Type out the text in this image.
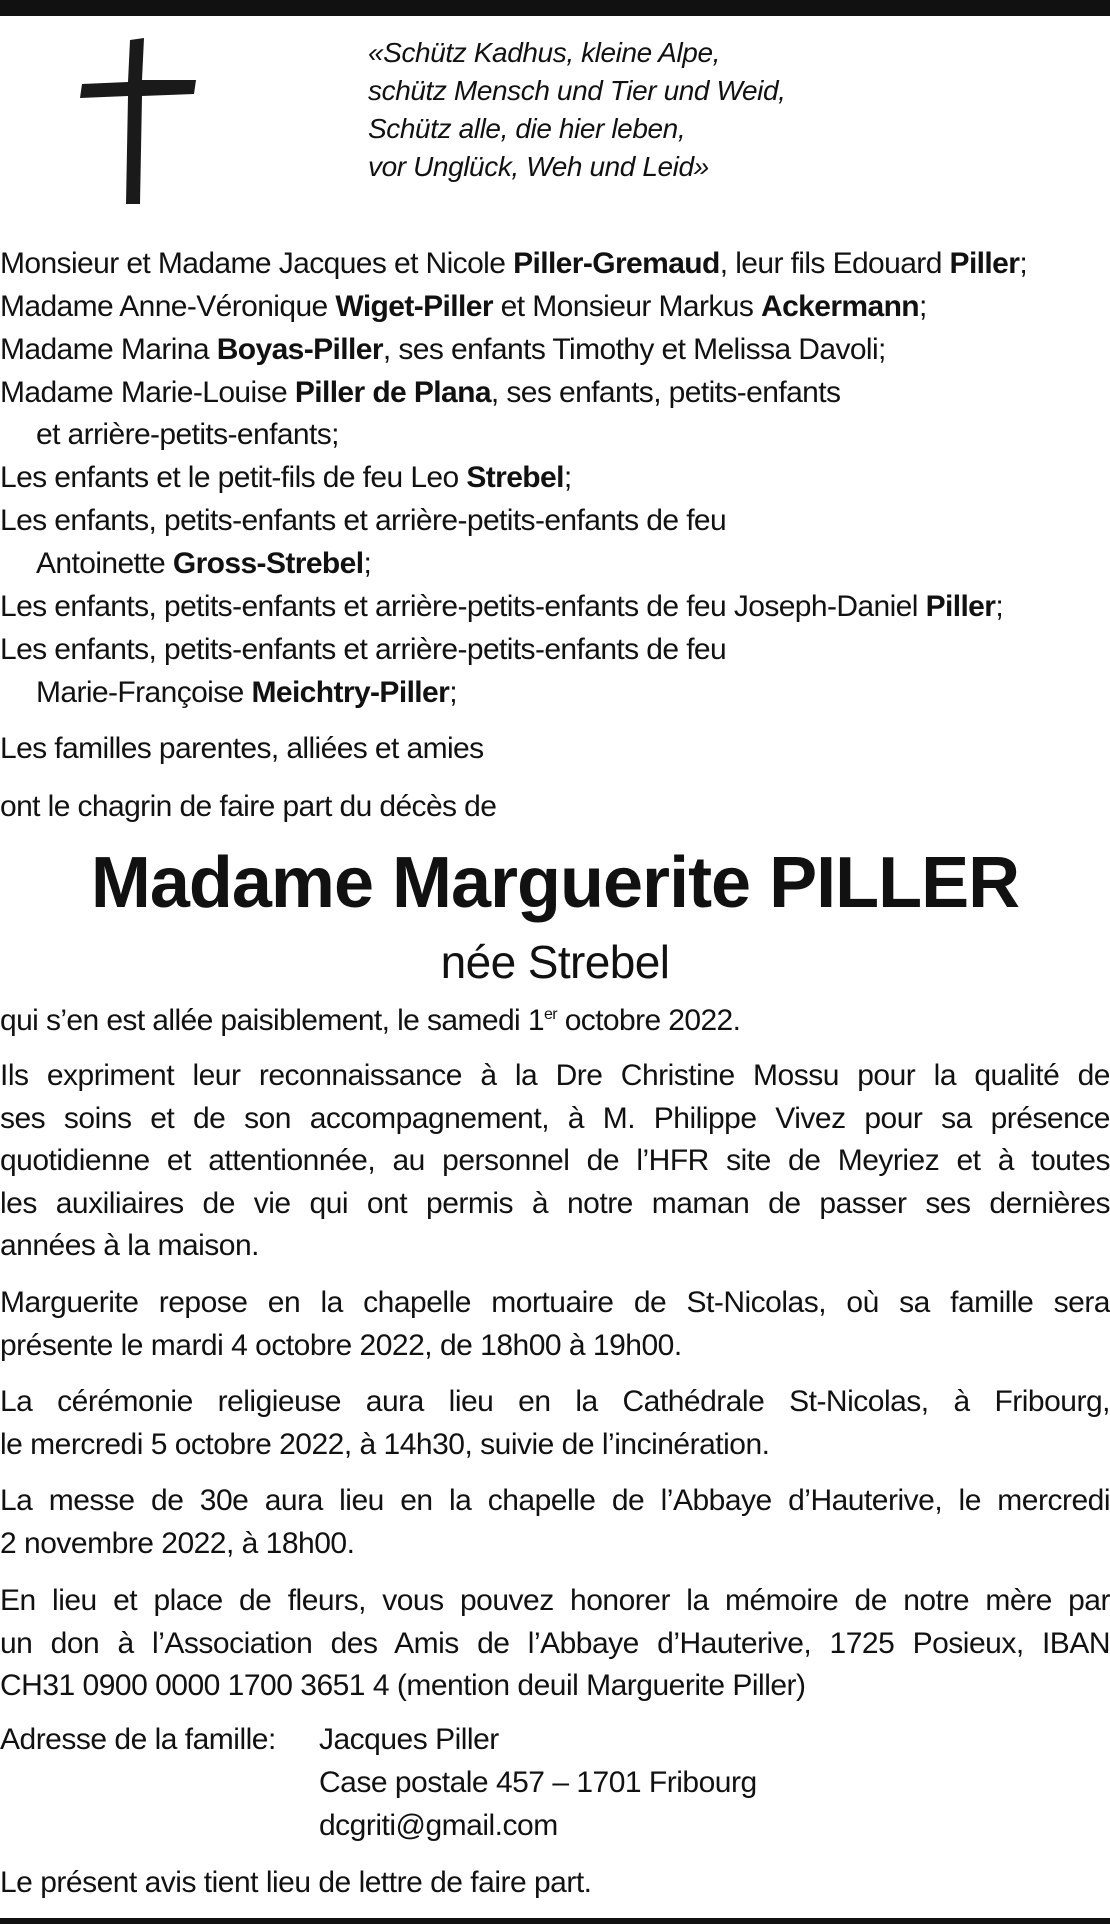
«Schütz Kadhus, kleine Alpe,
schütz Mensch und Tier und Weid,
Schütz alle, die hier leben,
vor Unglück, Weh und Leid»
Monsieur et Madame Jacques et Nicole Piller-Gremaud, leur fils Edouard Piller;
Madame Anne-Véronique Wiget-Piller et Monsieur Markus Ackermann;
Madame Marina Boyas-Piller, ses enfants Timothy et Melissa Davoli;
Madame Marie-Louise Piller de Plana, ses enfants, petits-enfants
et arrière-petits-enfants;
Les enfants et le petit-fils de feu Leo Strebel;
Les enfants, petits-enfants et arrière-petits-enfants de feu
Antoinette Gross-Strebel;
Les enfants, petits-enfants et arrière-petits-enfants de feu Joseph-Daniel Piller;
Les enfants, petits-enfants et arrière-petits-enfants de feu
Marie-Françoise Meichtry-Piller;
Les familles parentes, alliées et amies
ont le chagrin de faire part du décès de
Madame Marguerite PILLER
née Strebel
qui s’en est allée paisiblement, le samedi 1er octobre 2022.
Ils expriment leur reconnaissance à la Dre Christine Mossu pour la qualité de
ses soins et de son accompagnement, à M. Philippe Vivez pour sa présence
quotidienne et attentionnée, au personnel de l’HFR site de Meyriez et à toutes
les auxiliaires de vie qui ont permis à notre maman de passer ses dernières
années à la maison.
Marguerite repose en la chapelle mortuaire de St-Nicolas, où sa famille sera
présente le mardi 4 octobre 2022, de 18h00 à 19h00.
La cérémonie religieuse aura lieu en la Cathédrale St-Nicolas, à Fribourg,
le mercredi 5 octobre 2022, à 14h30, suivie de l’incinération.
La messe de 30e aura lieu en la chapelle de l’Abbaye d’Hauterive, le mercredi
2 novembre 2022, à 18h00.
En lieu et place de fleurs, vous pouvez honorer la mémoire de notre mère par
un don à l’Association des Amis de l’Abbaye d’Hauterive, 1725 Posieux, IBAN
CH31 0900 0000 1700 3651 4 (mention deuil Marguerite Piller)
Adresse de la famille: Jacques Piller
Case postale 457 – 1701 Fribourg
dcgriti@gmail.com
Le présent avis tient lieu de lettre de faire part.
